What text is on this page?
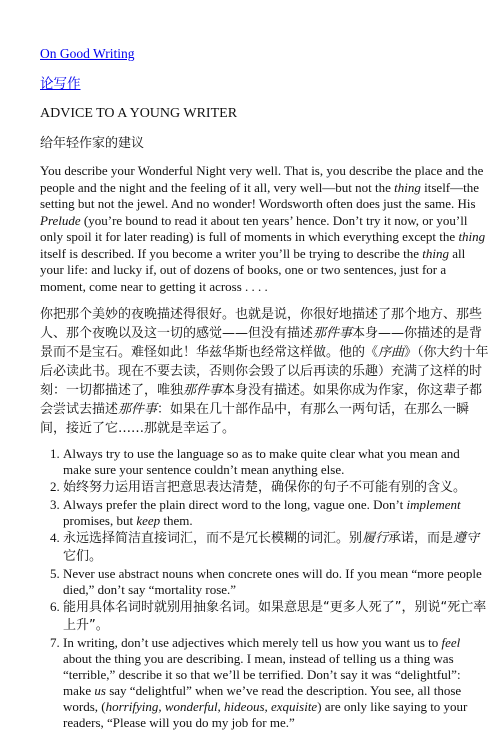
On Good Writing
论写作
ADVICE TO A YOUNG WRITER
给年轻作家的建议

You describe your Wonderful Night very well. That is, you describe the place and the people and the night and the feeling of it all, very well—but not the thing itself—the setting but not the jewel. And no wonder! Wordsworth often does just the same. His Prelude (you’re bound to read it about ten years’ hence. Don’t try it now, or you’ll only spoil it for later reading) is full of moments in which everything except the thing itself is described. If you become a writer you’ll be trying to describe the thing all your life: and lucky if, out of dozens of books, one or two sentences, just for a moment, come near to getting it across . . . .

你把那个美妙的夜晚描述得很好。也就是说，你很好地描述了那个地方、那些人、那个夜晚以及这一切的感觉——但没有描述那件事本身——你描述的是背景而不是宝石。难怪如此！华兹华斯也经常这样做。他的《序曲》（你大约十年后必读此书。现在不要去读，否则你会毁了以后再读的乐趣）充满了这样的时刻：一切都描述了，唯独那件事本身没有描述。如果你成为作家，你这辈子都会尝试去描述那件事：如果在几十部作品中，有那么一两句话，在那么一瞬间，接近了它……那就是幸运了。

1. Always try to use the language so as to make quite clear what you mean and make sure your sentence couldn’t mean anything else.
2. 始终努力运用语言把意思表达清楚，确保你的句子不可能有别的含义。
3. Always prefer the plain direct word to the long, vague one. Don’t implement promises, but keep them.
4. 永远选择简洁直接词汇，而不是冗长模糊的词汇。别履行承诺，而是遵守它们。
5. Never use abstract nouns when concrete ones will do. If you mean “more people died,” don’t say “mortality rose.”
6. 能用具体名词时就别用抽象名词。如果意思是“更多人死了”，别说“死亡率上升”。
7. In writing, don’t use adjectives which merely tell us how you want us to feel about the thing you are describing. I mean, instead of telling us a thing was “terrible,” describe it so that we’ll be terrified. Don’t say it was “delightful”: make us say “delightful” when we’ve read the description. You see, all those words, (horrifying, wonderful, hideous, exquisite) are only like saying to your readers, “Please will you do my job for me.”
